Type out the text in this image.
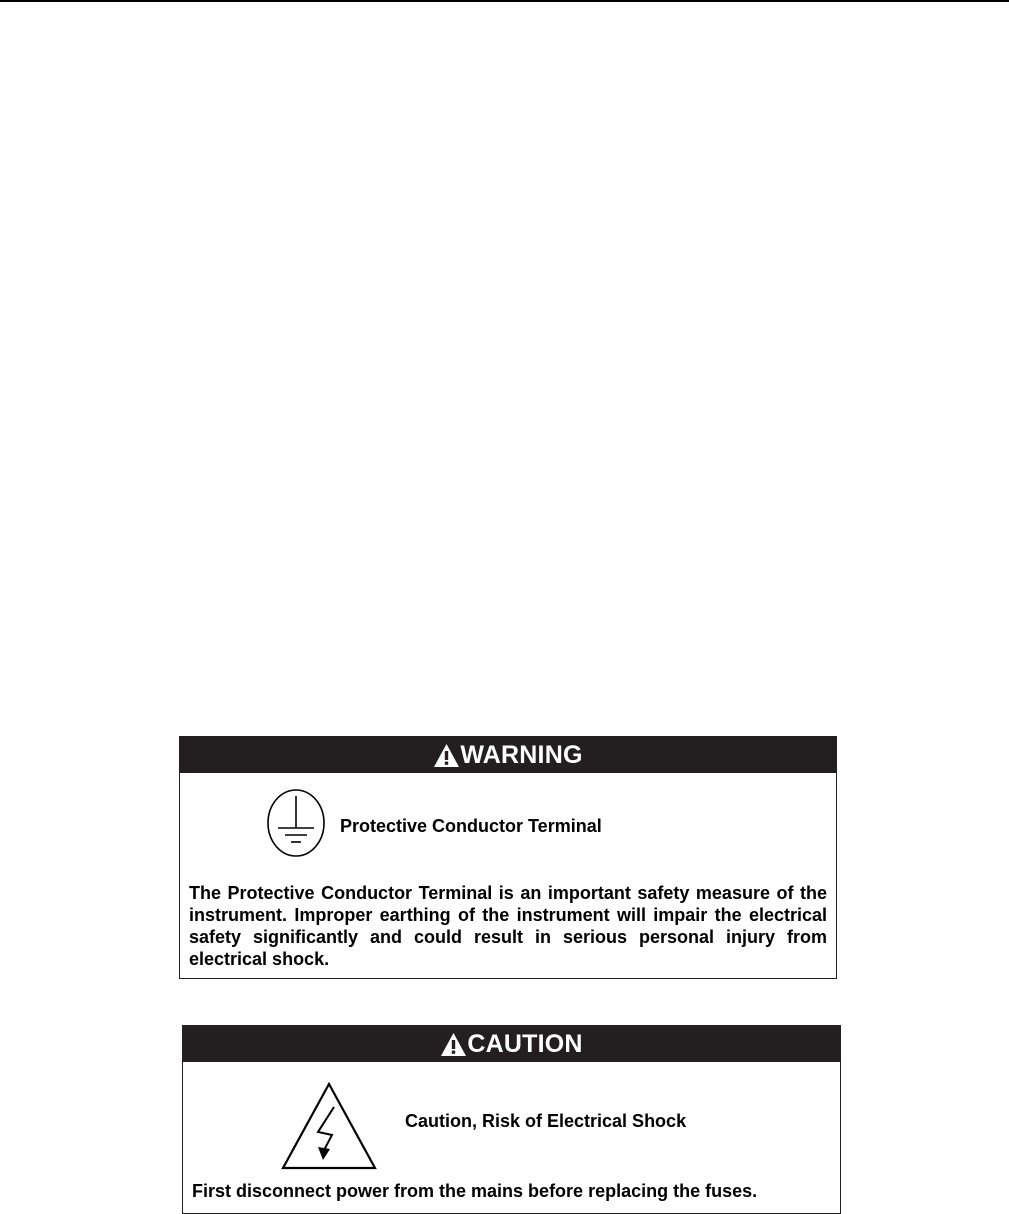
WARNING
Protective Conductor Terminal
The Protective Conductor Terminal is an important safety measure of the instrument. Improper earthing of the instrument will impair the electrical safety significantly and could result in serious personal injury from electrical shock.
CAUTION
Caution, Risk of Electrical Shock
First disconnect power from the mains before replacing the fuses.
